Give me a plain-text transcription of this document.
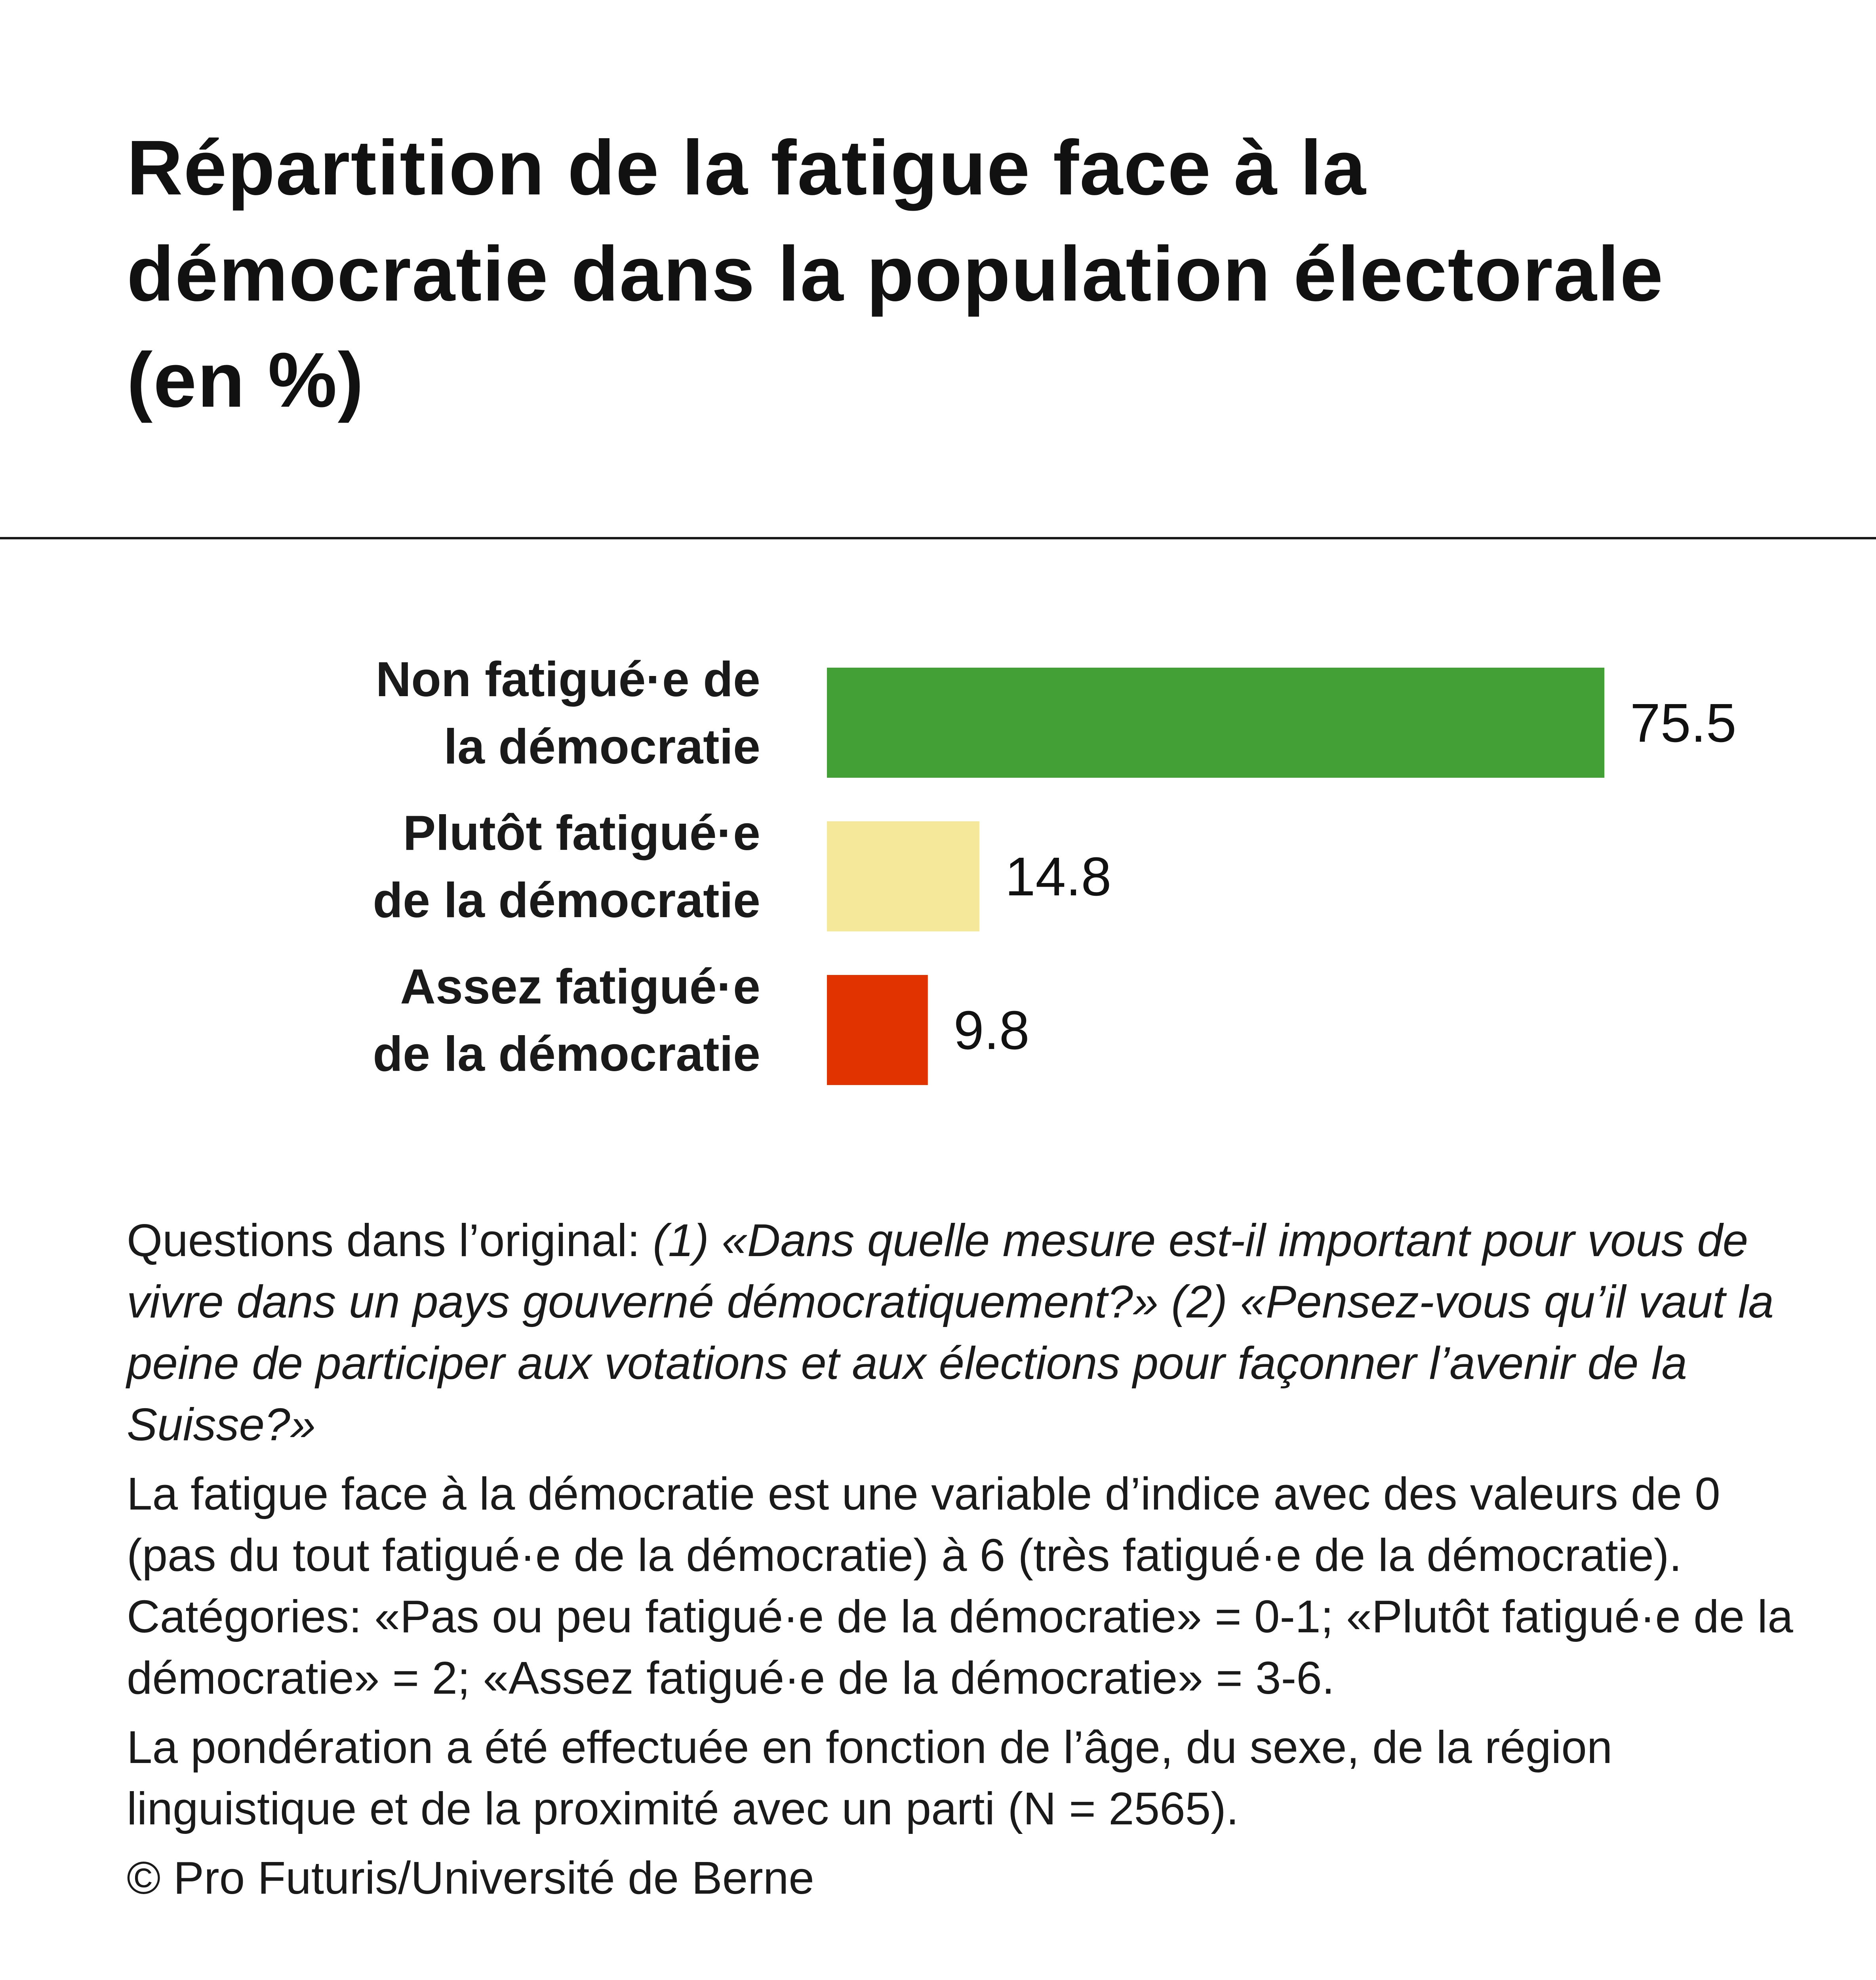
Répartition de la fatigue face à la démocratie dans la population électorale (en %)
75.5
Non fatigué·e de
la démocratie
14.8
Plutôt fatigué·e
de la démocratie
9.8
Assez fatigué·e
de la démocratie

Questions dans l’original: (1) «Dans quelle mesure est-il important pour vous de vivre dans un pays gouverné démocratiquement?» (2) «Pensez-vous qu’il vaut la peine de participer aux votations et aux élections pour façonner l’avenir de la Suisse?»

La fatigue face à la démocratie est une variable d’indice avec des valeurs de 0 (pas du tout fatigué·e de la démocratie) à 6 (très fatigué·e de la démocratie). Catégories: «Pas ou peu fatigué·e de la démocratie» = 0-1; «Plutôt fatigué·e de la démocratie» = 2; «Assez fatigué·e de la démocratie» = 3-6.

La pondération a été effectuée en fonction de l’âge, du sexe, de la région linguistique et de la proximité avec un parti (N = 2565).

© Pro Futuris/Université de Berne
